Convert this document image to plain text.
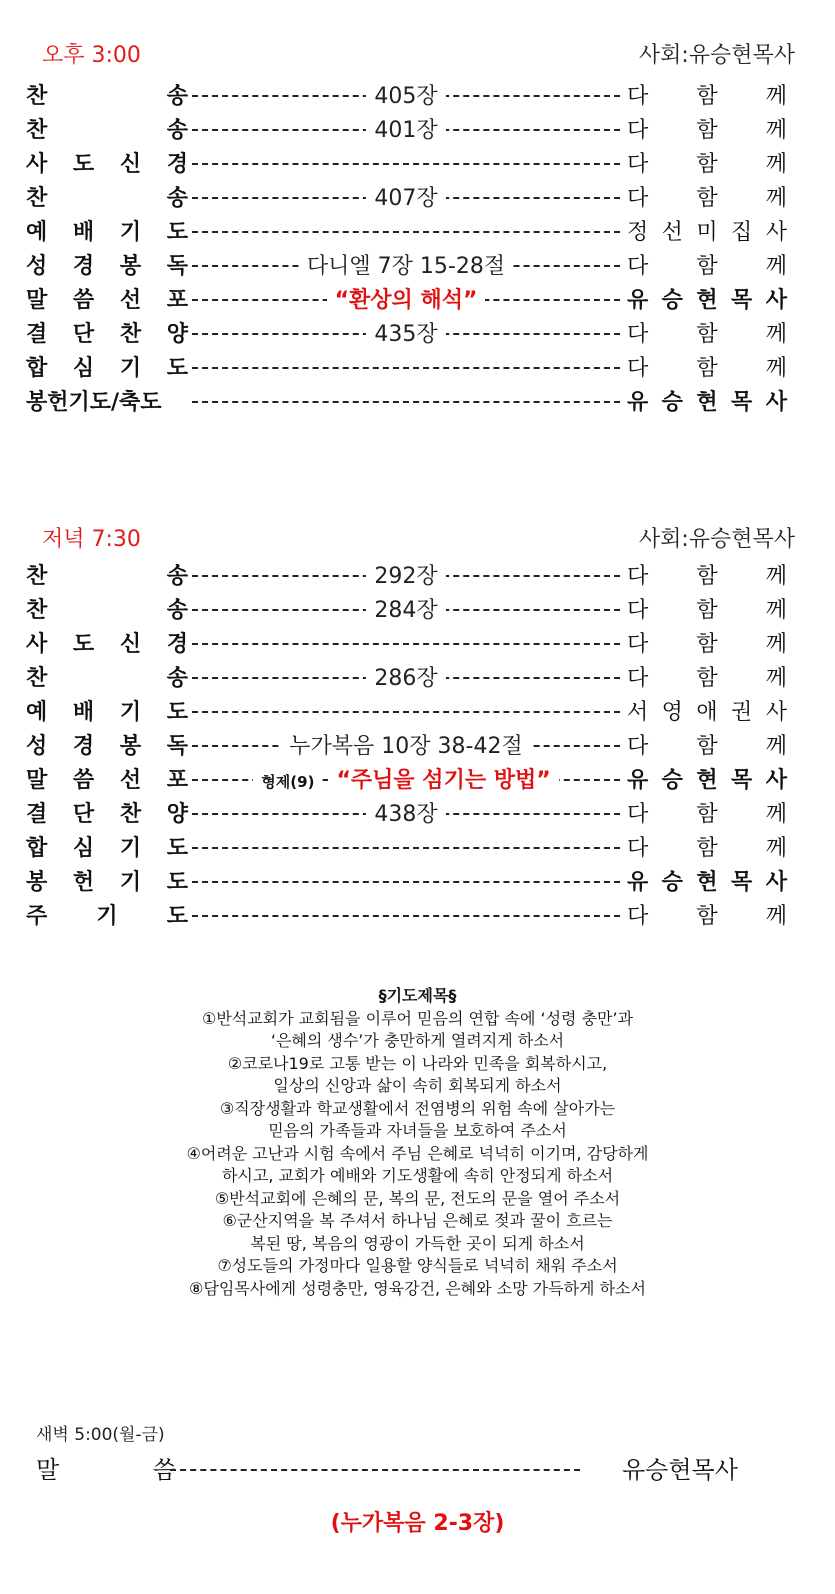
오후 3:00	사회:유승현목사
찬	송	405장	다 함 께
찬	송	401장	다 함 께
사 도 신 경	다 함 께
찬	송	407장	다 함 께
예 배 기 도	정 선 미 집 사
성 경 봉 독	다니엘 7장 15-28절	다 함 께
말 씀 선 포	“환상의 해석”	유 승 현 목 사
결 단 찬 양	435장	다 함 께
합 심 기 도	다 함 께
봉헌기도/축도	유 승 현 목 사
저녁 7:30	사회:유승현목사
찬	송	292장	다 함 께
찬	송	284장	다 함 께
사 도 신 경	다 함 께
찬	송	286장	다 함 께
예 배 기 도	서 영 애 권 사
성 경 봉 독	누가복음 10장 38-42절	다 함 께
말 씀 선 포	형제(9) “주님을 섬기는 방법”	유 승 현 목 사
결 단 찬 양	438장	다 함 께
합 심 기 도	다 함 께
봉 헌 기 도	유 승 현 목 사
주 기 도	다 함 께
§기도제목§
①반석교회가 교회됨을 이루어 믿음의 연합 속에 ‘성령 충만’과
‘은혜의 생수’가 충만하게 열려지게 하소서
②코로나19로 고통 받는 이 나라와 민족을 회복하시고,
일상의 신앙과 삶이 속히 회복되게 하소서
③직장생활과 학교생활에서 전염병의 위험 속에 살아가는
믿음의 가족들과 자녀들을 보호하여 주소서
④어려운 고난과 시험 속에서 주님 은혜로 넉넉히 이기며, 감당하게
하시고, 교회가 예배와 기도생활에 속히 안정되게 하소서
⑤반석교회에 은혜의 문, 복의 문, 전도의 문을 열어 주소서
⑥군산지역을 복 주셔서 하나님 은혜로 젖과 꿀이 흐르는
복된 땅, 복음의 영광이 가득한 곳이 되게 하소서
⑦성도들의 가정마다 일용할 양식들로 넉넉히 채워 주소서
⑧담임목사에게 성령충만, 영육강건, 은혜와 소망 가득하게 하소서
새벽 5:00(월-금)
말	씀	유승현목사
(누가복음 2-3장)
